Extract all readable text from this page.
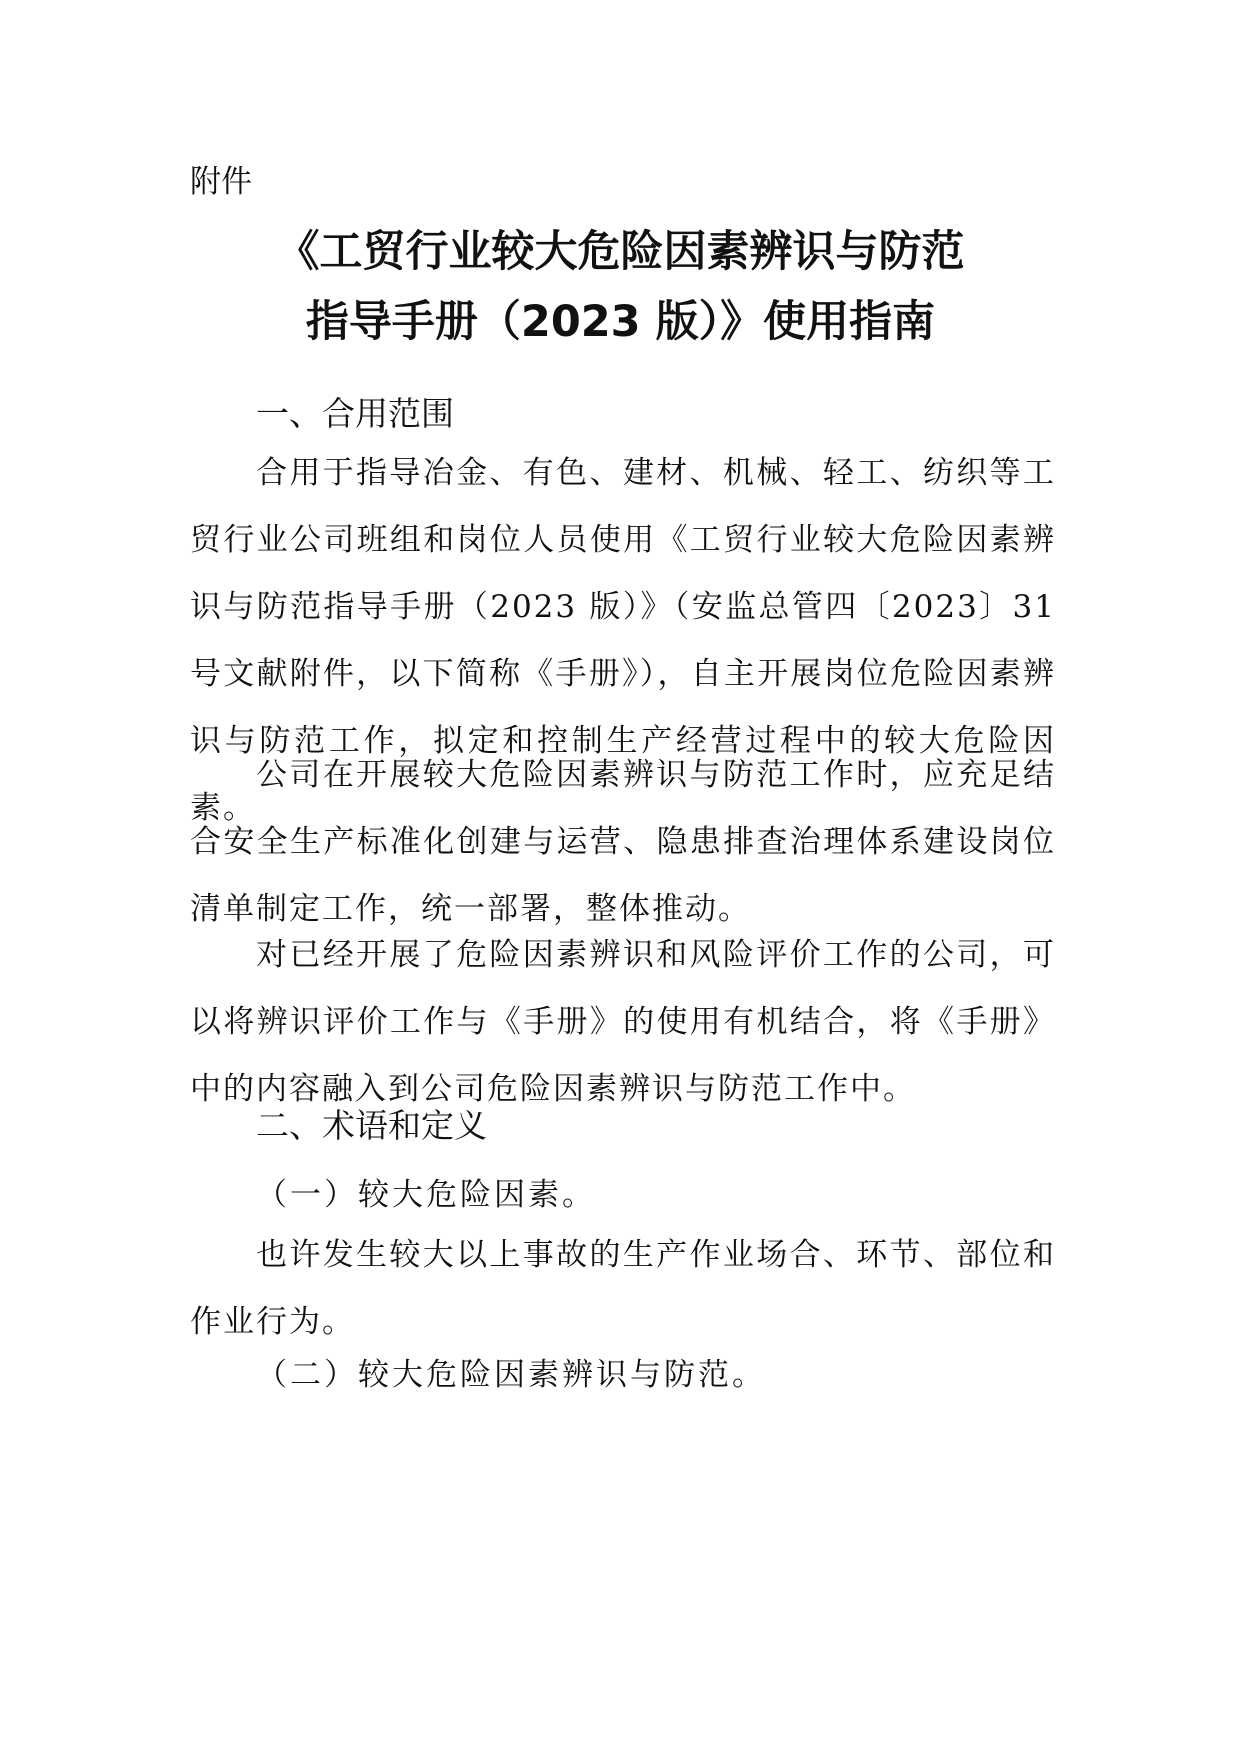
附件
《工贸行业较大危险因素辨识与防范
指导手册（2023 版）》使用指南
一、合用范围
合用于指导冶金、有色、建材、机械、轻工、纺织等工贸行业公司班组和岗位人员使用《工贸行业较大危险因素辨识与防范指导手册（2023 版）》（安监总管四〔2023〕31 号文献附件，以下简称《手册》），自主开展岗位危险因素辨识与防范工作，拟定和控制生产经营过程中的较大危险因素。
公司在开展较大危险因素辨识与防范工作时，应充足结合安全生产标准化创建与运营、隐患排查治理体系建设岗位清单制定工作，统一部署，整体推动。
对已经开展了危险因素辨识和风险评价工作的公司，可以将辨识评价工作与《手册》的使用有机结合，将《手册》中的内容融入到公司危险因素辨识与防范工作中。
二、术语和定义
（一）较大危险因素。
也许发生较大以上事故的生产作业场合、环节、部位和作业行为。
（二）较大危险因素辨识与防范。
